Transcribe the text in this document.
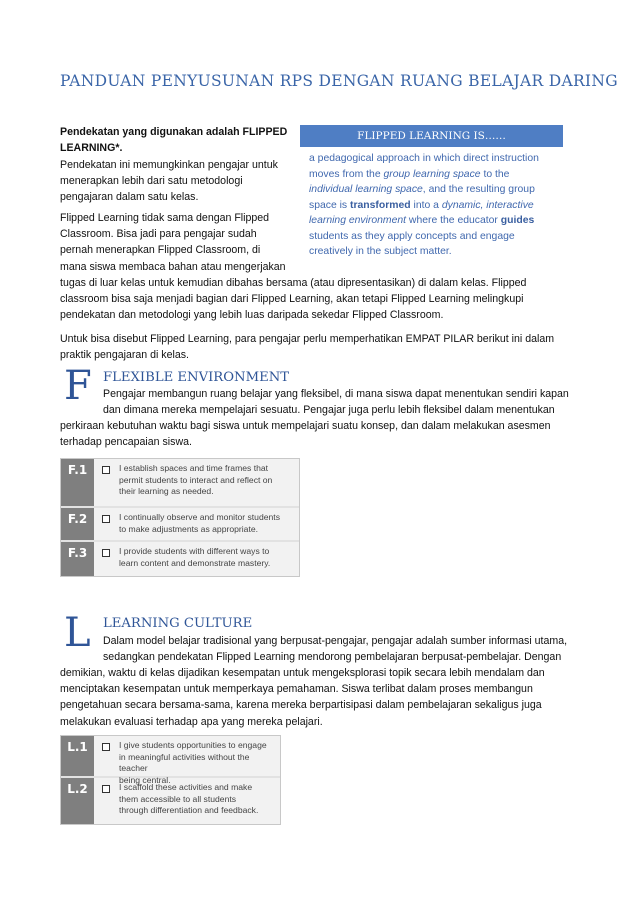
PANDUAN PENYUSUNAN RPS DENGAN RUANG BELAJAR DARING
Pendekatan yang digunakan adalah FLIPPED
LEARNING*.
Pendekatan ini memungkinkan pengajar untuk
menerapkan lebih dari satu metodologi
pengajaran dalam satu kelas.
Flipped Learning tidak sama dengan Flipped
Classroom. Bisa jadi para pengajar sudah
pernah menerapkan Flipped Classroom, di
mana siswa membaca bahan atau mengerjakan
tugas di luar kelas untuk kemudian dibahas bersama (atau dipresentasikan) di dalam kelas. Flipped
classroom bisa saja menjadi bagian dari Flipped Learning, akan tetapi Flipped Learning melingkupi
pendekatan dan metodologi yang lebih luas daripada sekedar Flipped Classroom.
Untuk bisa disebut Flipped Learning, para pengajar perlu memperhatikan EMPAT PILAR berikut ini dalam
praktik pengajaran di kelas.
FLIPPED LEARNING IS……
a pedagogical approach in which direct instruction
moves from the group learning space to the
individual learning space, and the resulting group
space is transformed into a dynamic, interactive
learning environment where the educator guides
students as they apply concepts and engage
creatively in the subject matter.
F FLEXIBLE ENVIRONMENT
Pengajar membangun ruang belajar yang fleksibel, di mana siswa dapat menentukan sendiri kapan
dan dimana mereka mempelajari sesuatu. Pengajar juga perlu lebih fleksibel dalam menentukan
perkiraan kebutuhan waktu bagi siswa untuk mempelajari suatu konsep, dan dalam melakukan asesmen
terhadap pencapaian siswa.
F.1	I establish spaces and time frames that
permit students to interact and reflect on
their learning as needed.
F.2	I continually observe and monitor students
to make adjustments as appropriate.
F.3	I provide students with different ways to
learn content and demonstrate mastery.
L LEARNING CULTURE
Dalam model belajar tradisional yang berpusat-pengajar, pengajar adalah sumber informasi utama,
sedangkan pendekatan Flipped Learning mendorong pembelajaran berpusat-pembelajar. Dengan
demikian, waktu di kelas dijadikan kesempatan untuk mengeksplorasi topik secara lebih mendalam dan
menciptakan kesempatan untuk memperkaya pemahaman. Siswa terlibat dalam proses membangun
pengetahuan secara bersama-sama, karena mereka berpartisipasi dalam pembelajaran sekaligus juga
melakukan evaluasi terhadap apa yang mereka pelajari.
L.1	I give students opportunities to engage
in meaningful activities without the teacher
being central.
L.2	I scaffold these activities and make
them accessible to all students
through differentiation and feedback.
